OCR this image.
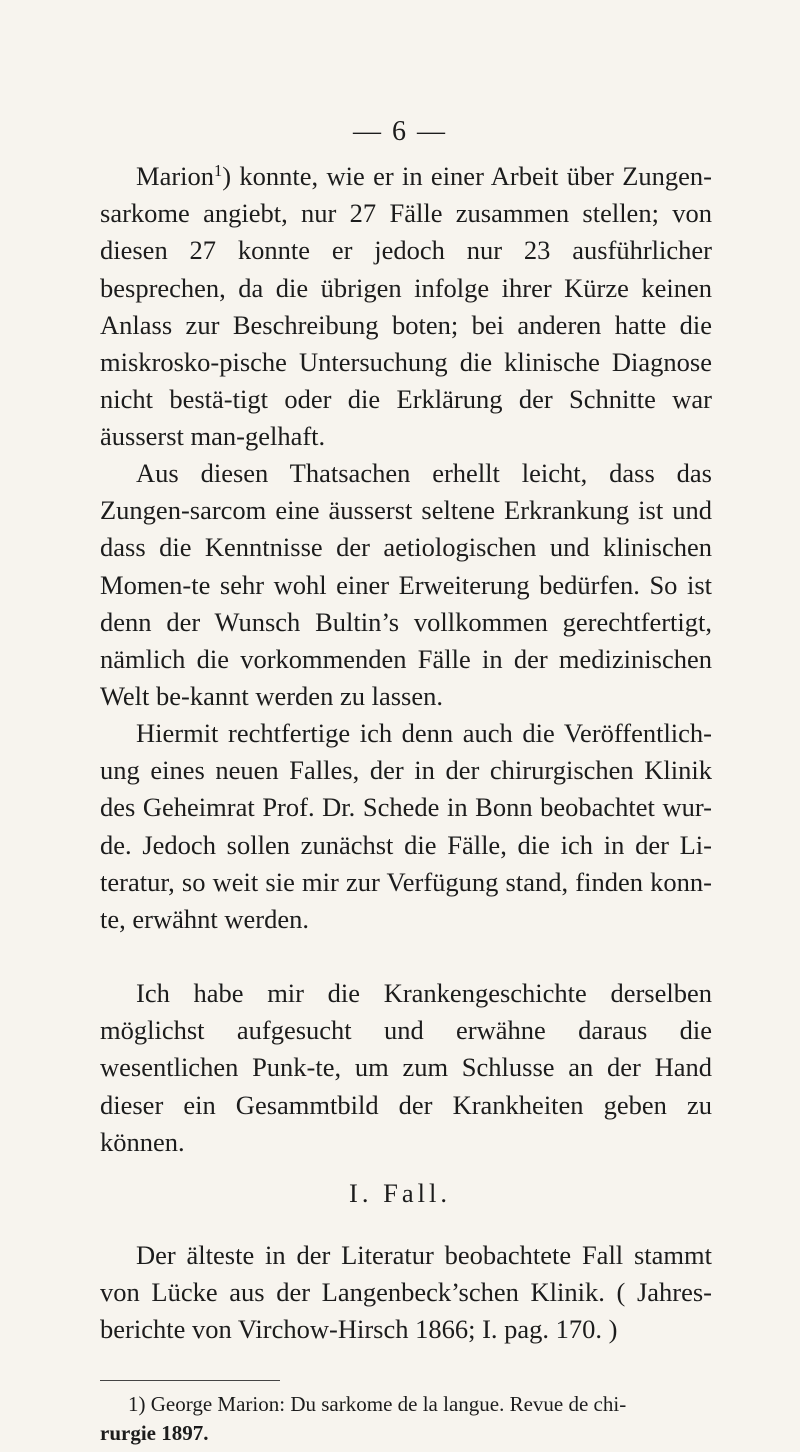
— 6 —

Marion$^1$) konnte, wie er in einer Arbeit über Zungen-sarkome angiebt, nur 27 Fälle zusammen stellen; von diesen 27 konnte er jedoch nur 23 ausführlicher besprechen, da die übrigen infolge ihrer Kürze keinen Anlass zur Beschreibung boten; bei anderen hatte die miskrosko-pische Untersuchung die klinische Diagnose nicht bestä-tigt oder die Erklärung der Schnitte war äusserst man-gelhaft.

Aus diesen Thatsachen erhellt leicht, dass das Zungen-sarcom eine äusserst seltene Erkrankung ist und dass die Kenntnisse der aetiologischen und klinischen Momen-te sehr wohl einer Erweiterung bedürfen. So ist denn der Wunsch Bultin’s vollkommen gerechtfertigt, nämlich die vorkommenden Fälle in der medizinischen Welt be-kannt werden zu lassen.

Hiermit rechtfertige ich denn auch die Veröffentlich-ung eines neuen Falles, der in der chirurgischen Klinik des Geheimrat Prof. Dr. Schede in Bonn beobachtet wur-de. Jedoch sollen zunächst die Fälle, die ich in der Li-teratur, so weit sie mir zur Verfügung stand, finden konn-te, erwähnt werden.

Ich habe mir die Krankengeschichte derselben möglichst aufgesucht und erwähne daraus die wesentlichen Punk-te, um zum Schlusse an der Hand dieser ein Gesammtbild der Krankheiten geben zu können.

I. Fall.

Der älteste in der Literatur beobachtete Fall stammt von Lücke aus der Langenbeck’schen Klinik. ( Jahres-berichte von Virchow-Hirsch 1866; I. pag. 170. )

1) George Marion: Du sarkome de la langue. Revue de chi-
rurgie 1897.
